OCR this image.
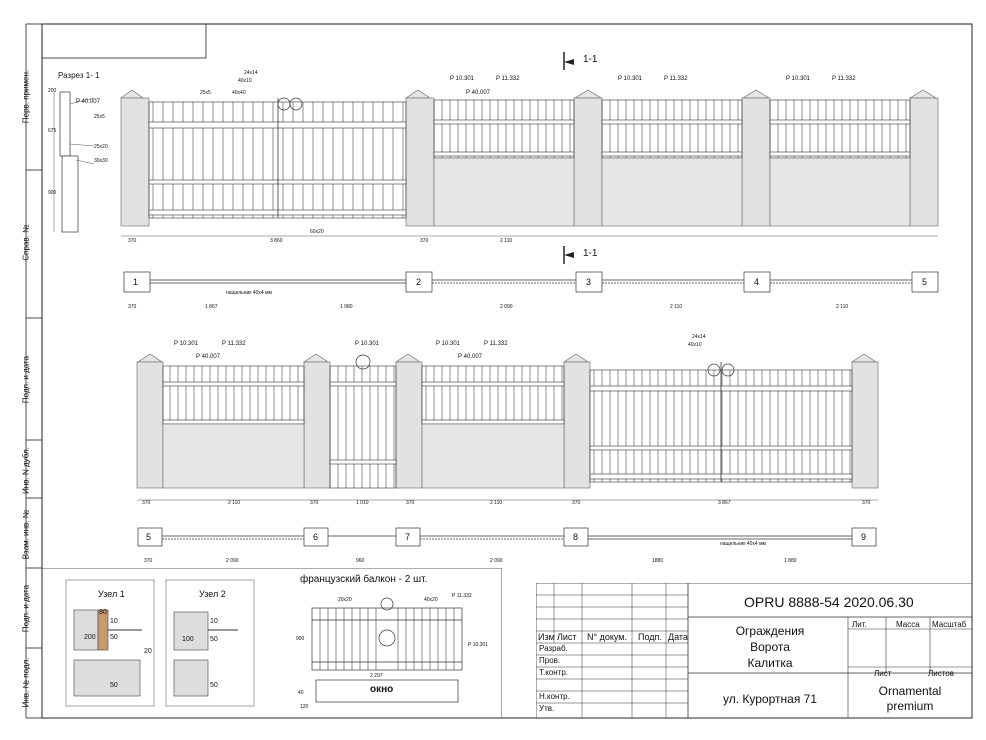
Перв. примен.
Справ. №
Подп. и дата
Инв. N дубл.
Взам. инв. №
Подп. и дата
Инв. № подл.
Разрез 1- 1
P 40.007
200
675
900
25х5
25х20
30х30
1-1
1-1
370	3 860	370	2 110
Р 10.301	Р 11.332
Р 40.007
Р 10.301	Р 11.332	Р 10.301	Р 11.332
24х14
40х10
25х5	40х40
60х20
1	2	3	4	5
нащельник 40х4 мм
370	1 867	1 980	2 090	2 110	2 110
Р 10.301	Р 11.332
Р 40.007
Р 10.301	Р 10.301	Р 11.332
Р 40.007
24х14
40х10
370	2 110	370	1 010	370	2 110	370	3 867	370
5	6	7	8	9
нащельник 40х4 мм
370	2 090	960	2 090	1880	1 880
Узел 1	Узел 2
80
10
50
20
200
50
10
100 50
50
французский балкон - 2 шт.
окно
2 297
40
120
900
20х20	40х20
Р 11.332
Р 10.301
OPRU 8888-54 2020.06.30
Изм Лист N° докум. Подп. Дата
Разраб.
Пров.
Т.контр.
Н.контр.
Утв.
Ограждения
Ворота
Калитка
ул. Курортная 71
Лит.	Масса Масштаб
Лист	Листов
Ornamental
premium
